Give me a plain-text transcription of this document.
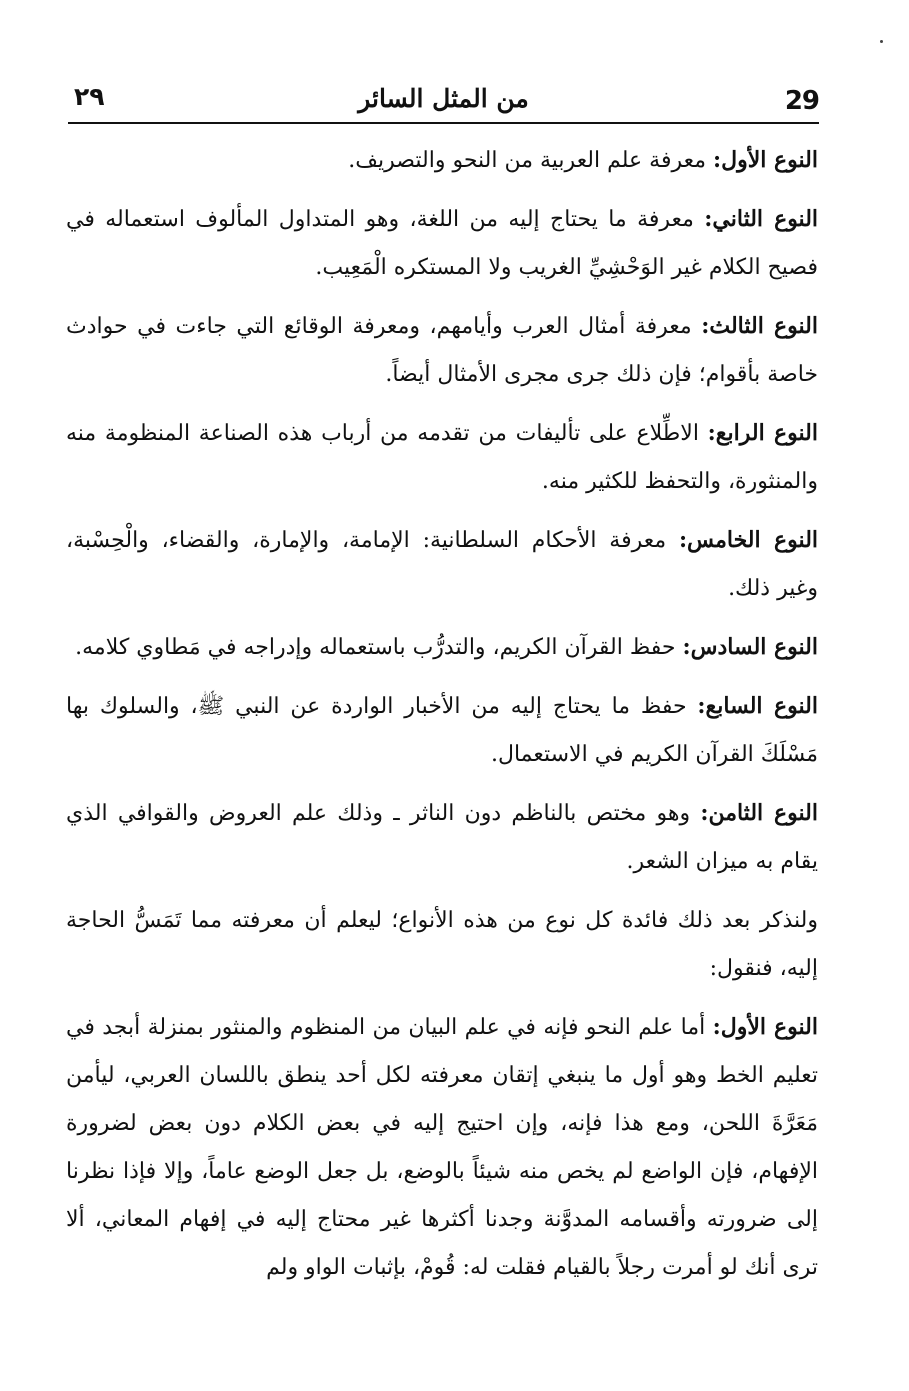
29
من المثل السائر
٢٩

النوع الأول: معرفة علم العربية من النحو والتصريف.

النوع الثاني: معرفة ما يحتاج إليه من اللغة، وهو المتداول المألوف استعماله في فصيح الكلام غير الوَحْشِيِّ الغريب ولا المستكره الْمَعِيب.

النوع الثالث: معرفة أمثال العرب وأيامهم، ومعرفة الوقائع التي جاءت في حوادث خاصة بأقوام؛ فإن ذلك جرى مجرى الأمثال أيضاً.

النوع الرابع: الاطِّلاع على تأليفات من تقدمه من أرباب هذه الصناعة المنظومة منه والمنثورة، والتحفظ للكثير منه.

النوع الخامس: معرفة الأحكام السلطانية: الإمامة، والإمارة، والقضاء، والْحِسْبة، وغير ذلك.

النوع السادس: حفظ القرآن الكريم، والتدرُّب باستعماله وإدراجه في مَطاوي كلامه.

النوع السابع: حفظ ما يحتاج إليه من الأخبار الواردة عن النبي ﷺ، والسلوك بها مَسْلَكَ القرآن الكريم في الاستعمال.

النوع الثامن: وهو مختص بالناظم دون الناثر ـ وذلك علم العروض والقوافي الذي يقام به ميزان الشعر.

ولنذكر بعد ذلك فائدة كل نوع من هذه الأنواع؛ ليعلم أن معرفته مما تَمَسُّ الحاجة إليه، فنقول:

النوع الأول: أما علم النحو فإنه في علم البيان من المنظوم والمنثور بمنزلة أبجد في تعليم الخط وهو أول ما ينبغي إتقان معرفته لكل أحد ينطق باللسان العربي، ليأمن مَعَرَّةَ اللحن، ومع هذا فإنه، وإن احتيج إليه في بعض الكلام دون بعض لضرورة الإفهام، فإن الواضع لم يخص منه شيئاً بالوضع، بل جعل الوضع عاماً، وإلا فإذا نظرنا إلى ضرورته وأقسامه المدوَّنة وجدنا أكثرها غير محتاج إليه في إفهام المعاني، ألا ترى أنك لو أمرت رجلاً بالقيام فقلت له: قُومْ، بإثبات الواو ولم
